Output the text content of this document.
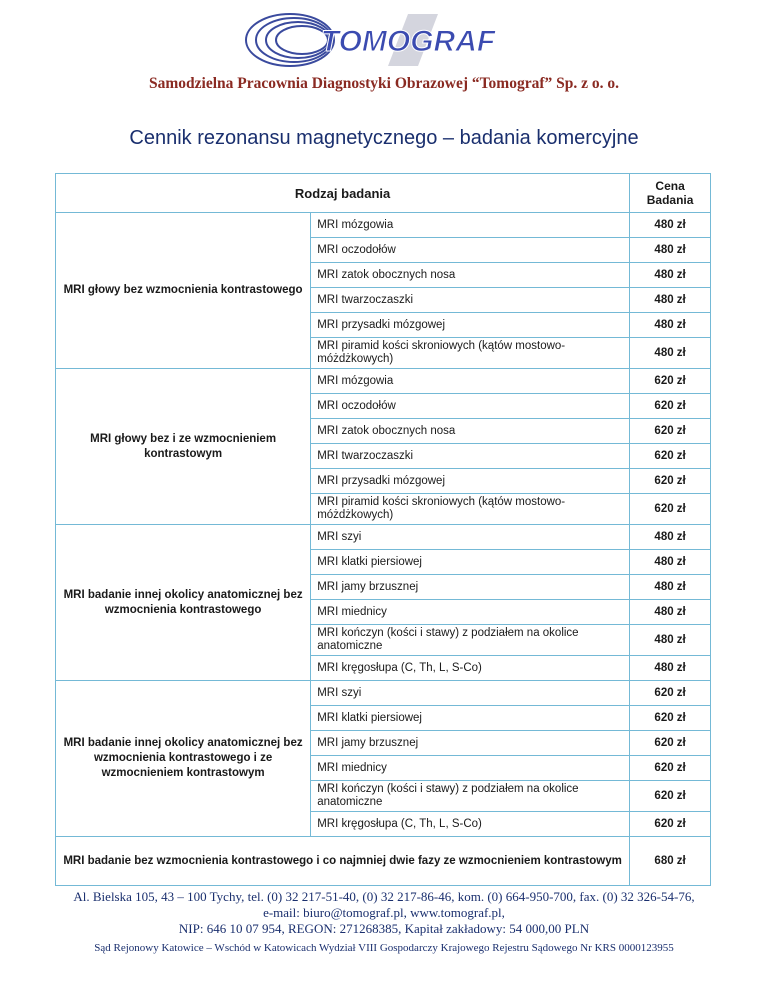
TOMOGRAF
Samodzielna Pracownia Diagnostyki Obrazowej “Tomograf” Sp. z o. o.
Cennik rezonansu magnetycznego – badania komercyjne
Rodzaj badania		Cena
Badania
MRI głowy bez wzmocnienia kontrastowego	MRI mózgowia	480 zł
	MRI oczodołów	480 zł
	MRI zatok obocznych nosa	480 zł
	MRI twarzoczaszki	480 zł
	MRI przysadki mózgowej	480 zł
	MRI piramid kości skroniowych (kątów mostowo-móżdżkowych)	480 zł
MRI głowy bez i ze wzmocnieniem kontrastowym	MRI mózgowia	620 zł
	MRI oczodołów	620 zł
	MRI zatok obocznych nosa	620 zł
	MRI twarzoczaszki	620 zł
	MRI przysadki mózgowej	620 zł
	MRI piramid kości skroniowych (kątów mostowo-móżdżkowych)	620 zł
MRI badanie innej okolicy anatomicznej bez wzmocnienia kontrastowego	MRI szyi	480 zł
	MRI klatki piersiowej	480 zł
	MRI jamy brzusznej	480 zł
	MRI miednicy	480 zł
	MRI kończyn (kości i stawy) z podziałem na okolice anatomiczne	480 zł
	MRI kręgosłupa (C, Th, L, S-Co)	480 zł
MRI badanie innej okolicy anatomicznej bez wzmocnienia kontrastowego i ze wzmocnieniem kontrastowym	MRI szyi	620 zł
	MRI klatki piersiowej	620 zł
	MRI jamy brzusznej	620 zł
	MRI miednicy	620 zł
	MRI kończyn (kości i stawy) z podziałem na okolice anatomiczne	620 zł
	MRI kręgosłupa (C, Th, L, S-Co)	620 zł
MRI badanie bez wzmocnienia kontrastowego i co najmniej dwie fazy ze wzmocnieniem kontrastowym		680 zł
Al. Bielska 105, 43 – 100 Tychy, tel. (0) 32 217-51-40, (0) 32 217-86-46, kom. (0) 664-950-700, fax. (0) 32 326-54-76,
e-mail: biuro@tomograf.pl, www.tomograf.pl,
NIP: 646 10 07 954, REGON: 271268385, Kapitał zakładowy: 54 000,00 PLN
Sąd Rejonowy Katowice – Wschód w Katowicach Wydział VIII Gospodarczy Krajowego Rejestru Sądowego Nr KRS 0000123955
